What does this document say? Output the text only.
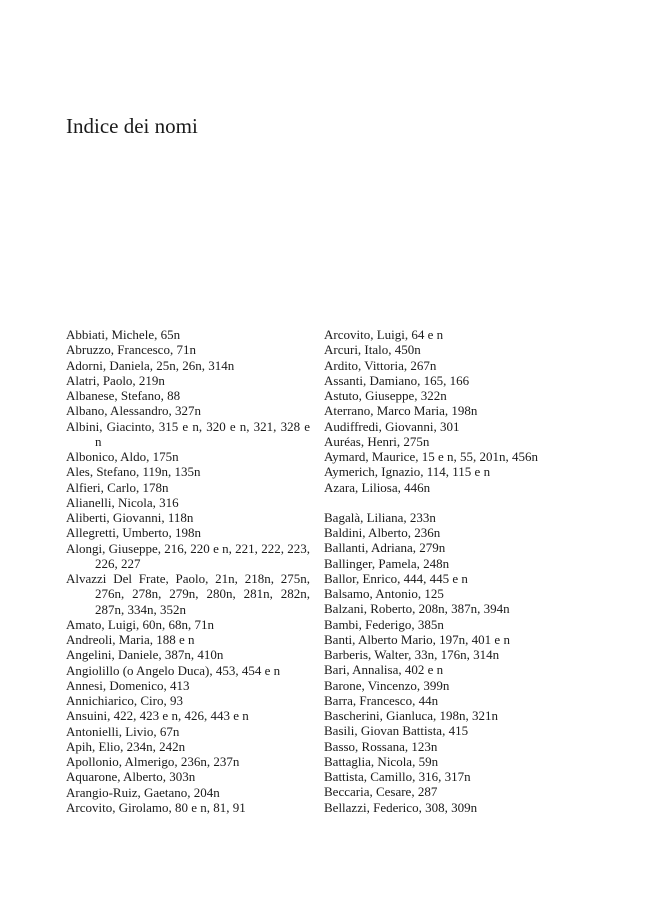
Indice dei nomi
Abbiati, Michele, 65n
Abruzzo, Francesco, 71n
Adorni, Daniela, 25n, 26n, 314n
Alatri, Paolo, 219n
Albanese, Stefano, 88
Albano, Alessandro, 327n
Albini, Giacinto, 315 e n, 320 e n, 321, 328 e n
Albonico, Aldo, 175n
Ales, Stefano, 119n, 135n
Alfieri, Carlo, 178n
Alianelli, Nicola, 316
Aliberti, Giovanni, 118n
Allegretti, Umberto, 198n
Alongi, Giuseppe, 216, 220 e n, 221, 222, 223, 226, 227
Alvazzi Del Frate, Paolo, 21n, 218n, 275n, 276n, 278n, 279n, 280n, 281n, 282n, 287n, 334n, 352n
Amato, Luigi, 60n, 68n, 71n
Andreoli, Maria, 188 e n
Angelini, Daniele, 387n, 410n
Angiolillo (o Angelo Duca), 453, 454 e n
Annesi, Domenico, 413
Annichiarico, Ciro, 93
Ansuini, 422, 423 e n, 426, 443 e n
Antonielli, Livio, 67n
Apih, Elio, 234n, 242n
Apollonio, Almerigo, 236n, 237n
Aquarone, Alberto, 303n
Arangio-Ruiz, Gaetano, 204n
Arcovito, Girolamo, 80 e n, 81, 91
Arcovito, Luigi, 64 e n
Arcuri, Italo, 450n
Ardito, Vittoria, 267n
Assanti, Damiano, 165, 166
Astuto, Giuseppe, 322n
Aterrano, Marco Maria, 198n
Audiffredi, Giovanni, 301
Auréas, Henri, 275n
Aymard, Maurice, 15 e n, 55, 201n, 456n
Aymerich, Ignazio, 114, 115 e n
Azara, Liliosa, 446n
Bagalà, Liliana, 233n
Baldini, Alberto, 236n
Ballanti, Adriana, 279n
Ballinger, Pamela, 248n
Ballor, Enrico, 444, 445 e n
Balsamo, Antonio, 125
Balzani, Roberto, 208n, 387n, 394n
Bambi, Federigo, 385n
Banti, Alberto Mario, 197n, 401 e n
Barberis, Walter, 33n, 176n, 314n
Bari, Annalisa, 402 e n
Barone, Vincenzo, 399n
Barra, Francesco, 44n
Bascherini, Gianluca, 198n, 321n
Basili, Giovan Battista, 415
Basso, Rossana, 123n
Battaglia, Nicola, 59n
Battista, Camillo, 316, 317n
Beccaria, Cesare, 287
Bellazzi, Federico, 308, 309n
